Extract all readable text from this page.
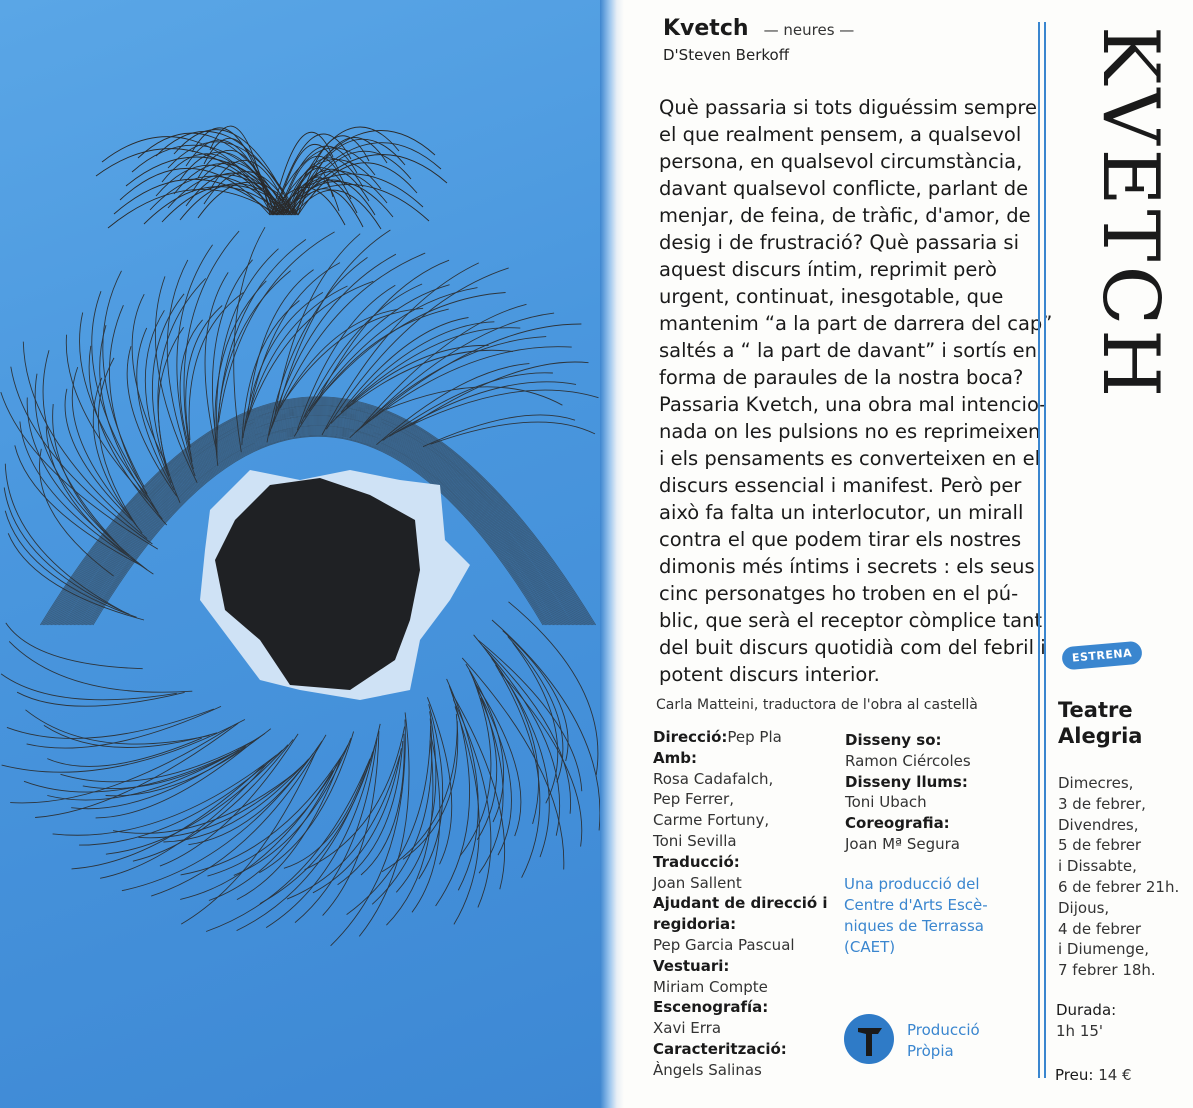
Kvetch — neures —
D'Steven Berkoff
Què passaria si tots diguéssim sempre
el que realment pensem, a qualsevol
persona, en qualsevol circumstància,
davant qualsevol conflicte, parlant de
menjar, de feina, de tràfic, d'amor, de
desig i de frustració? Què passaria si
aquest discurs íntim, reprimit però
urgent, continuat, inesgotable, que
mantenim “a la part de darrera del cap”
saltés a “ la part de davant” i sortís en
forma de paraules de la nostra boca?
Passaria Kvetch, una obra mal intencio-
nada on les pulsions no es reprimeixen
i els pensaments es converteixen en el
discurs essencial i manifest. Però per
això fa falta un interlocutor, un mirall
contra el que podem tirar els nostres
dimonis més íntims i secrets : els seus
cinc personatges ho troben en el pú-
blic, que serà el receptor còmplice tant
del buit discurs quotidià com del febril i
potent discurs interior.
Carla Matteini, traductora de l'obra al castellà
Direcció:Pep Pla
Amb:
Rosa Cadafalch,
Pep Ferrer,
Carme Fortuny,
Toni Sevilla
Traducció:
Joan Sallent
Ajudant de direcció i regidoria:
Pep Garcia Pascual
Vestuari:
Miriam Compte
Escenografía:
Xavi Erra
Caracterització:
Àngels Salinas
Disseny so:
Ramon Ciércoles
Disseny llums:
Toni Ubach
Coreografia:
Joan Mª Segura
Una producció del
Centre d'Arts Escè-
niques de Terrassa
(CAET)
Producció
Pròpia
KVETCH
ESTRENA
Teatre
Alegria
Dimecres,
3 de febrer,
Divendres,
5 de febrer
i Dissabte,
6 de febrer 21h.
Dijous,
4 de febrer
i Diumenge,
7 febrer 18h.
Durada:
1h 15'
Preu: 14 €
